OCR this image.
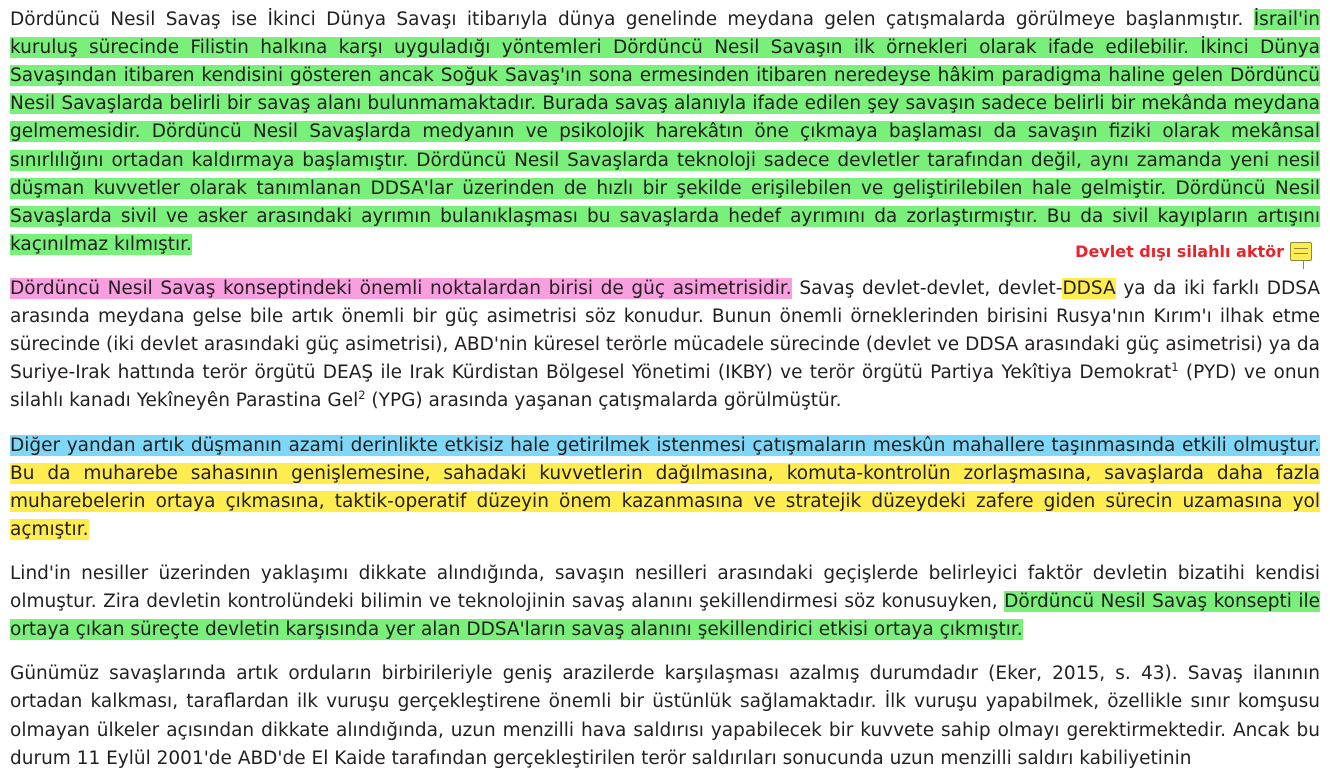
Dördüncü Nesil Savaş ise İkinci Dünya Savaşı itibarıyla dünya genelinde meydana gelen çatışmalarda görülmeye başlanmıştır. İsrail'in kuruluş sürecinde Filistin halkına karşı uyguladığı yöntemleri Dördüncü Nesil Savaşın ilk örnekleri olarak ifade edilebilir. İkinci Dünya Savaşından itibaren kendisini gösteren ancak Soğuk Savaş'ın sona ermesinden itibaren neredeyse hâkim paradigma haline gelen Dördüncü Nesil Savaşlarda belirli bir savaş alanı bulunmamaktadır. Burada savaş alanıyla ifade edilen şey savaşın sadece belirli bir mekânda meydana gelmemesidir. Dördüncü Nesil Savaşlarda medyanın ve psikolojik harekâtın öne çıkmaya başlaması da savaşın fiziki olarak mekânsal sınırlılığını ortadan kaldırmaya başlamıştır. Dördüncü Nesil Savaşlarda teknoloji sadece devletler tarafından değil, aynı zamanda yeni nesil düşman kuvvetler olarak tanımlanan DDSA'lar üzerinden de hızlı bir şekilde erişilebilen ve geliştirilebilen hale gelmiştir. Dördüncü Nesil Savaşlarda sivil ve asker arasındaki ayrımın bulanıklaşması bu savaşlarda hedef ayrımını da zorlaştırmıştır. Bu da sivil kayıpların artışını kaçınılmaz kılmıştır.

Dördüncü Nesil Savaş konseptindeki önemli noktalardan birisi de güç asimetrisidir. Savaş devlet-devlet, devlet-DDSA ya da iki farklı DDSA arasında meydana gelse bile artık önemli bir güç asimetrisi söz konudur. Bunun önemli örneklerinden birisini Rusya'nın Kırım'ı ilhak etme sürecinde (iki devlet arasındaki güç asimetrisi), ABD'nin küresel terörle mücadele sürecinde (devlet ve DDSA arasındaki güç asimetrisi) ya da Suriye-Irak hattında terör örgütü DEAŞ ile Irak Kürdistan Bölgesel Yönetimi (IKBY) ve terör örgütü Partiya Yekîtiya Demokrat$^1$ (PYD) ve onun silahlı kanadı Yekîneyên Parastina Gel$^2$ (YPG) arasında yaşanan çatışmalarda görülmüştür.

Diğer yandan artık düşmanın azami derinlikte etkisiz hale getirilmek istenmesi çatışmaların meskûn mahallere taşınmasında etkili olmuştur. Bu da muharebe sahasının genişlemesine, sahadaki kuvvetlerin dağılmasına, komuta-kontrolün zorlaşmasına, savaşlarda daha fazla muharebelerin ortaya çıkmasına, taktik-operatif düzeyin önem kazanmasına ve stratejik düzeydeki zafere giden sürecin uzamasına yol açmıştır.

Lind'in nesiller üzerinden yaklaşımı dikkate alındığında, savaşın nesilleri arasındaki geçişlerde belirleyici faktör devletin bizatihi kendisi olmuştur. Zira devletin kontrolündeki bilimin ve teknolojinin savaş alanını şekillendirmesi söz konusuyken, Dördüncü Nesil Savaş konsepti ile ortaya çıkan süreçte devletin karşısında yer alan DDSA'ların savaş alanını şekillendirici etkisi ortaya çıkmıştır.

Günümüz savaşlarında artık orduların birbirileriyle geniş arazilerde karşılaşması azalmış durumdadır (Eker, 2015, s. 43). Savaş ilanının ortadan kalkması, taraflardan ilk vuruşu gerçekleştirene önemli bir üstünlük sağlamaktadır. İlk vuruşu yapabilmek, özellikle sınır komşusu olmayan ülkeler açısından dikkate alındığında, uzun menzilli hava saldırısı yapabilecek bir kuvvete sahip olmayı gerektirmektedir. Ancak bu durum 11 Eylül 2001'de ABD'de El Kaide tarafından gerçekleştirilen terör saldırıları sonucunda uzun menzilli saldırı kabiliyetinin

Devlet dışı silahlı aktör
